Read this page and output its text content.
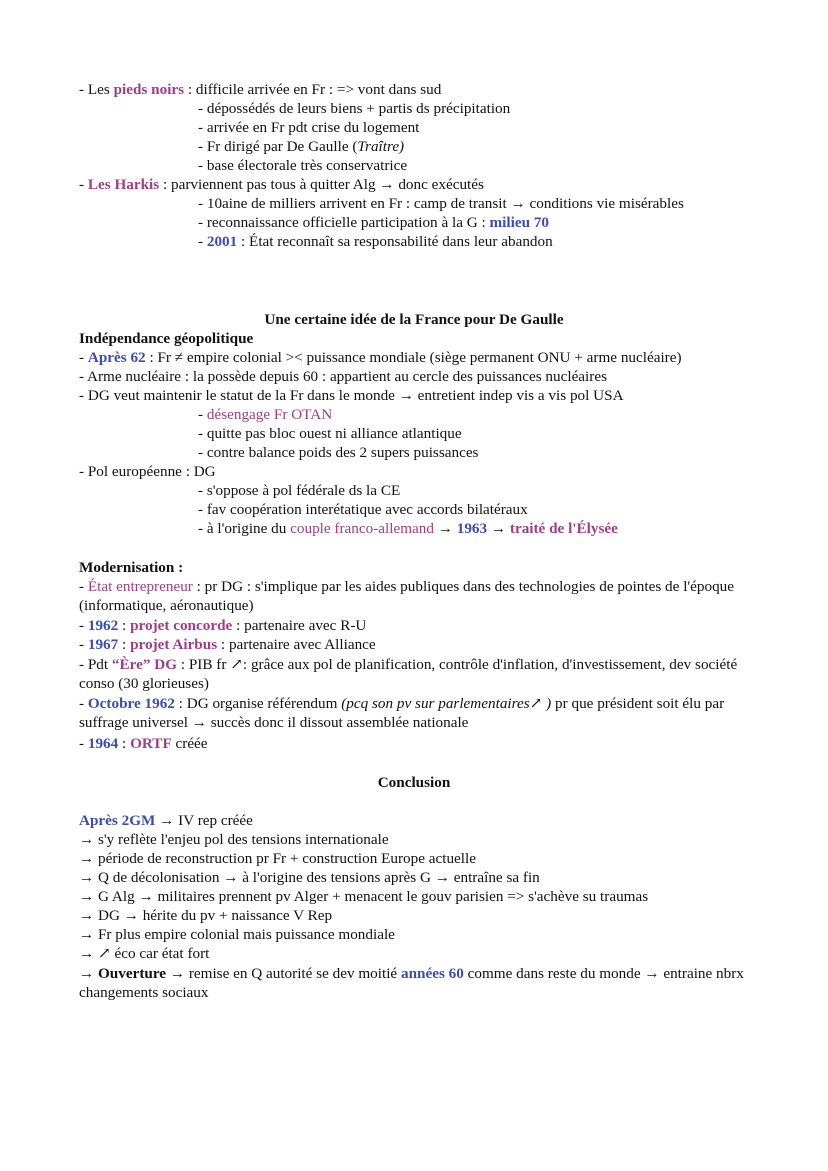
- Les pieds noirs : difficile arrivée en Fr : => vont dans sud
- dépossédés de leurs biens + partis ds précipitation
- arrivée en Fr pdt crise du logement
- Fr dirigé par De Gaulle (Traître)
- base électorale très conservatrice
- Les Harkis : parviennent pas tous à quitter Alg → donc exécutés
- 10aine de milliers arrivent en Fr : camp de transit → conditions vie misérables
- reconnaissance officielle participation à la G : milieu 70
- 2001 : État reconnaît sa responsabilité dans leur abandon
Une certaine idée de la France pour De Gaulle
Indépendance géopolitique
- Après 62 : Fr ≠ empire colonial >< puissance mondiale (siège permanent ONU + arme nucléaire)
- Arme nucléaire : la possède depuis 60 : appartient au cercle des puissances nucléaires
- DG veut maintenir le statut de la Fr dans le monde → entretient indep vis a vis pol USA
- désengage Fr OTAN
- quitte pas bloc ouest ni alliance atlantique
- contre balance poids des 2 supers puissances
- Pol européenne : DG
- s'oppose à pol fédérale ds la CE
- fav coopération interétatique avec accords bilatéraux
- à l'origine du couple franco-allemand → 1963 → traité de l'Élysée
Modernisation :
- État entrepreneur : pr DG : s'implique par les aides publiques dans des technologies de pointes de l'époque (informatique, aéronautique)
- 1962 : projet concorde : partenaire avec R-U
- 1967 : projet Airbus : partenaire avec Alliance
- Pdt “Ère” DG : PIB fr ↗: grâce aux pol de planification, contrôle d'inflation, d'investissement, dev société conso (30 glorieuses)
- Octobre 1962 : DG organise référendum (pcq son pv sur parlementaires↗ ) pr que président soit élu par suffrage universel → succès donc il dissout assemblée nationale
- 1964 : ORTF créée
Conclusion
Après 2GM → IV rep créée
→ s'y reflète l'enjeu pol des tensions internationale
→ période de reconstruction pr Fr + construction Europe actuelle
→ Q de décolonisation → à l'origine des tensions après G → entraîne sa fin
→ G Alg → militaires prennent pv Alger + menacent le gouv parisien => s'achève su traumas
→ DG → hérite du pv + naissance V Rep
→ Fr plus empire colonial mais puissance mondiale
→ ↗ éco car état fort
→ Ouverture → remise en Q autorité se dev moitié années 60 comme dans reste du monde → entraine nbrx changements sociaux
